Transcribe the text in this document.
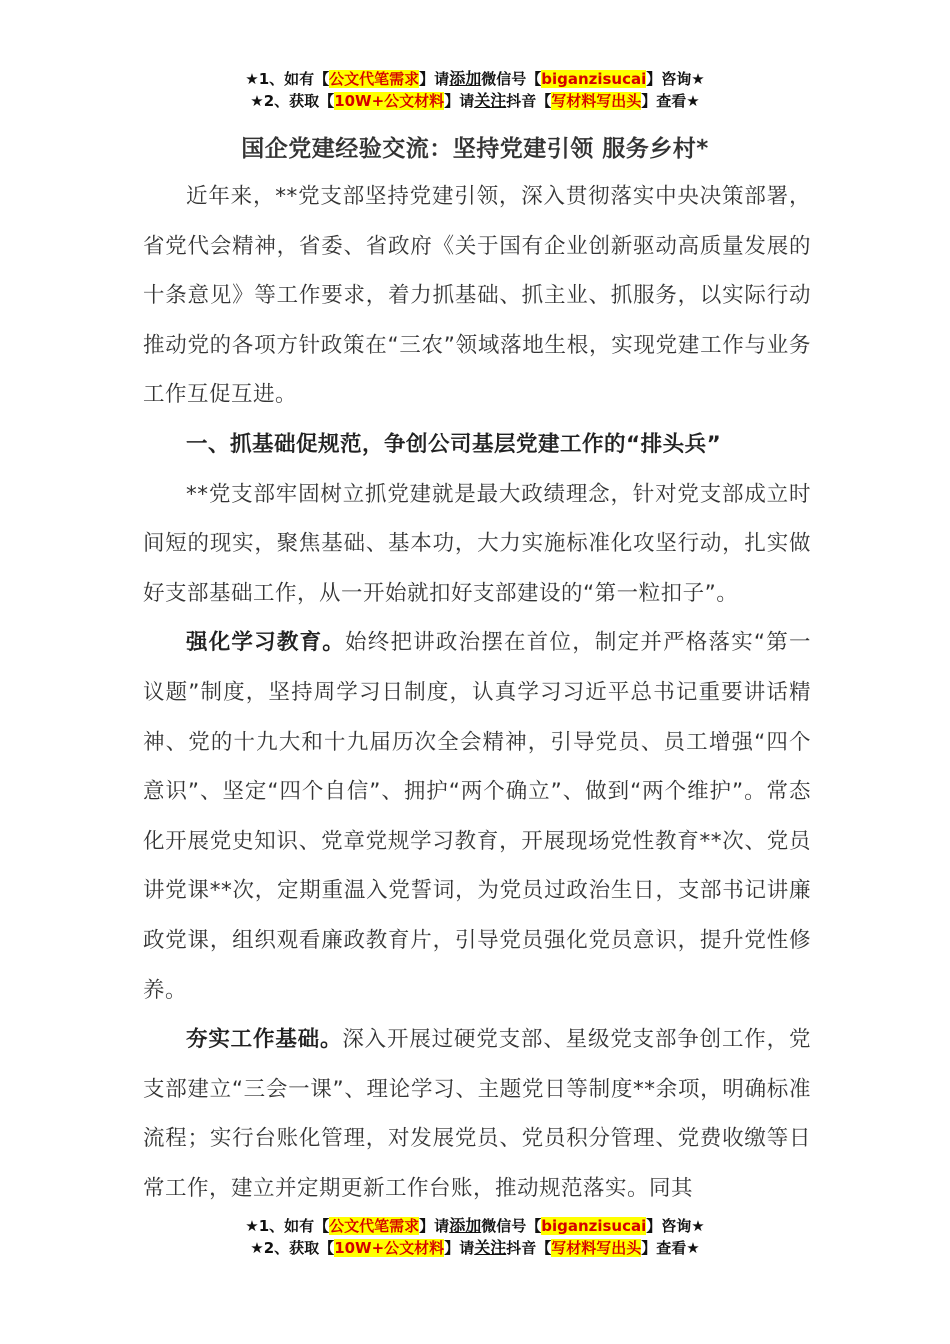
★1、如有【公文代笔需求】请添加微信号【biganzisucai】咨询★
★2、获取【10W+公文材料】请关注抖音【写材料写出头】查看★
国企党建经验交流：坚持党建引领 服务乡村*

近年来，**党支部坚持党建引领，深入贯彻落实中央决策部署，省党代会精神，省委、省政府《关于国有企业创新驱动高质量发展的十条意见》等工作要求，着力抓基础、抓主业、抓服务，以实际行动推动党的各项方针政策在“三农”领域落地生根，实现党建工作与业务工作互促互进。

一、抓基础促规范，争创公司基层党建工作的“排头兵”

**党支部牢固树立抓党建就是最大政绩理念，针对党支部成立时间短的现实，聚焦基础、基本功，大力实施标准化攻坚行动，扎实做好支部基础工作，从一开始就扣好支部建设的“第一粒扣子”。

强化学习教育。始终把讲政治摆在首位，制定并严格落实“第一议题”制度，坚持周学习日制度，认真学习习近平总书记重要讲话精神、党的十九大和十九届历次全会精神，引导党员、员工增强“四个意识”、坚定“四个自信”、拥护“两个确立”、做到“两个维护”。常态化开展党史知识、党章党规学习教育，开展现场党性教育**次、党员讲党课**次，定期重温入党誓词，为党员过政治生日，支部书记讲廉政党课，组织观看廉政教育片，引导党员强化党员意识，提升党性修养。

夯实工作基础。深入开展过硬党支部、星级党支部争创工作，党支部建立“三会一课”、理论学习、主题党日等制度**余项，明确标准流程；实行台账化管理，对发展党员、党员积分管理、党费收缴等日常工作，建立并定期更新工作台账，推动规范落实。同其

★1、如有【公文代笔需求】请添加微信号【biganzisucai】咨询★
★2、获取【10W+公文材料】请关注抖音【写材料写出头】查看★
